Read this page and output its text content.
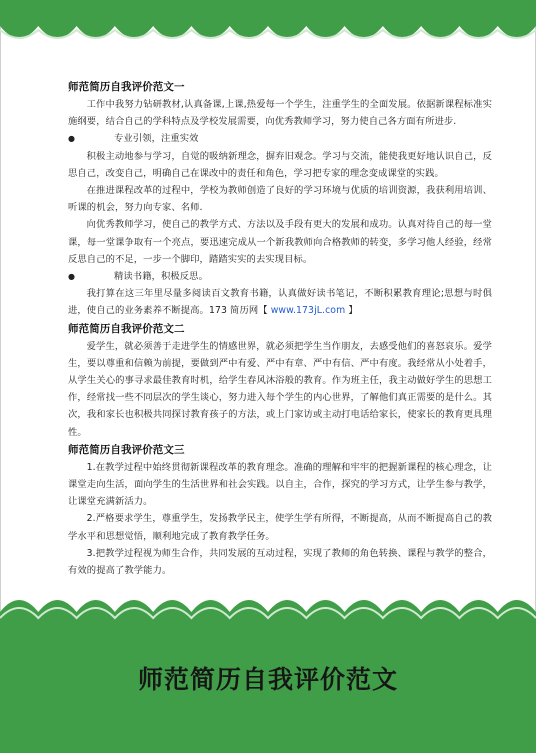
师范简历自我评价范文一

工作中我努力钻研教材,认真备课,上课,热爱每一个学生，注重学生的全面发展。依据新课程标准实施纲要，结合自己的学科特点及学校发展需要，向优秀教师学习，努力使自己各方面有所进步.

●	专业引领，注重实效

积极主动地参与学习，自觉的吸纳新理念，摒弃旧观念。学习与交流，能使我更好地认识自己，反思自己，改变自己，明确自己在课改中的责任和角色，学习把专家的理念变成课堂的实践。

在推进课程改革的过程中，学校为教师创造了良好的学习环境与优质的培训资源，我获利用培训、听课的机会，努力向专家、名师.

向优秀教师学习，使自己的教学方式、方法以及手段有更大的发展和成功。认真对待自己的每一堂课，每一堂课争取有一个亮点，要迅速完成从一个新我教师向合格教师的转变，多学习他人经验，经常反思自己的不足，一步一个脚印，踏踏实实的去实现目标。

●	精读书籍，积极反思。

我打算在这三年里尽量多阅读百文教育书籍，认真做好读书笔记，不断积累教育理论;思想与时俱进，使自己的业务素养不断提高。173 简历网【 www.173jL.com 】

师范简历自我评价范文二

爱学生，就必须善于走进学生的情感世界，就必须把学生当作朋友，去感受他们的喜怒哀乐。爱学生，要以尊重和信赖为前提，要做到严中有爱、严中有章、严中有信、严中有度。我经常从小处着手，从学生关心的事寻求最佳教育时机，给学生春风沐浴般的教育。作为班主任，我主动做好学生的思想工作，经常找一些不同层次的学生谈心，努力进入每个学生的内心世界，了解他们真正需要的是什么。其次，我和家长也积极共同探讨教育孩子的方法，或上门家访或主动打电话给家长，使家长的教育更具理性。

师范简历自我评价范文三

1.在教学过程中始终贯彻新课程改革的教育理念。准确的理解和牢牢的把握新课程的核心理念，让课堂走向生活，面向学生的生活世界和社会实践。以自主，合作，探究的学习方式，让学生参与教学，让课堂充满新活力。

2.严格要求学生，尊重学生，发扬教学民主，使学生学有所得，不断提高，从而不断提高自己的教学水平和思想觉悟，顺利地完成了教育教学任务。

3.把教学过程视为师生合作，共同发展的互动过程，实现了教师的角色转换、课程与教学的整合，有效的提高了教学能力。

师范简历自我评价范文
